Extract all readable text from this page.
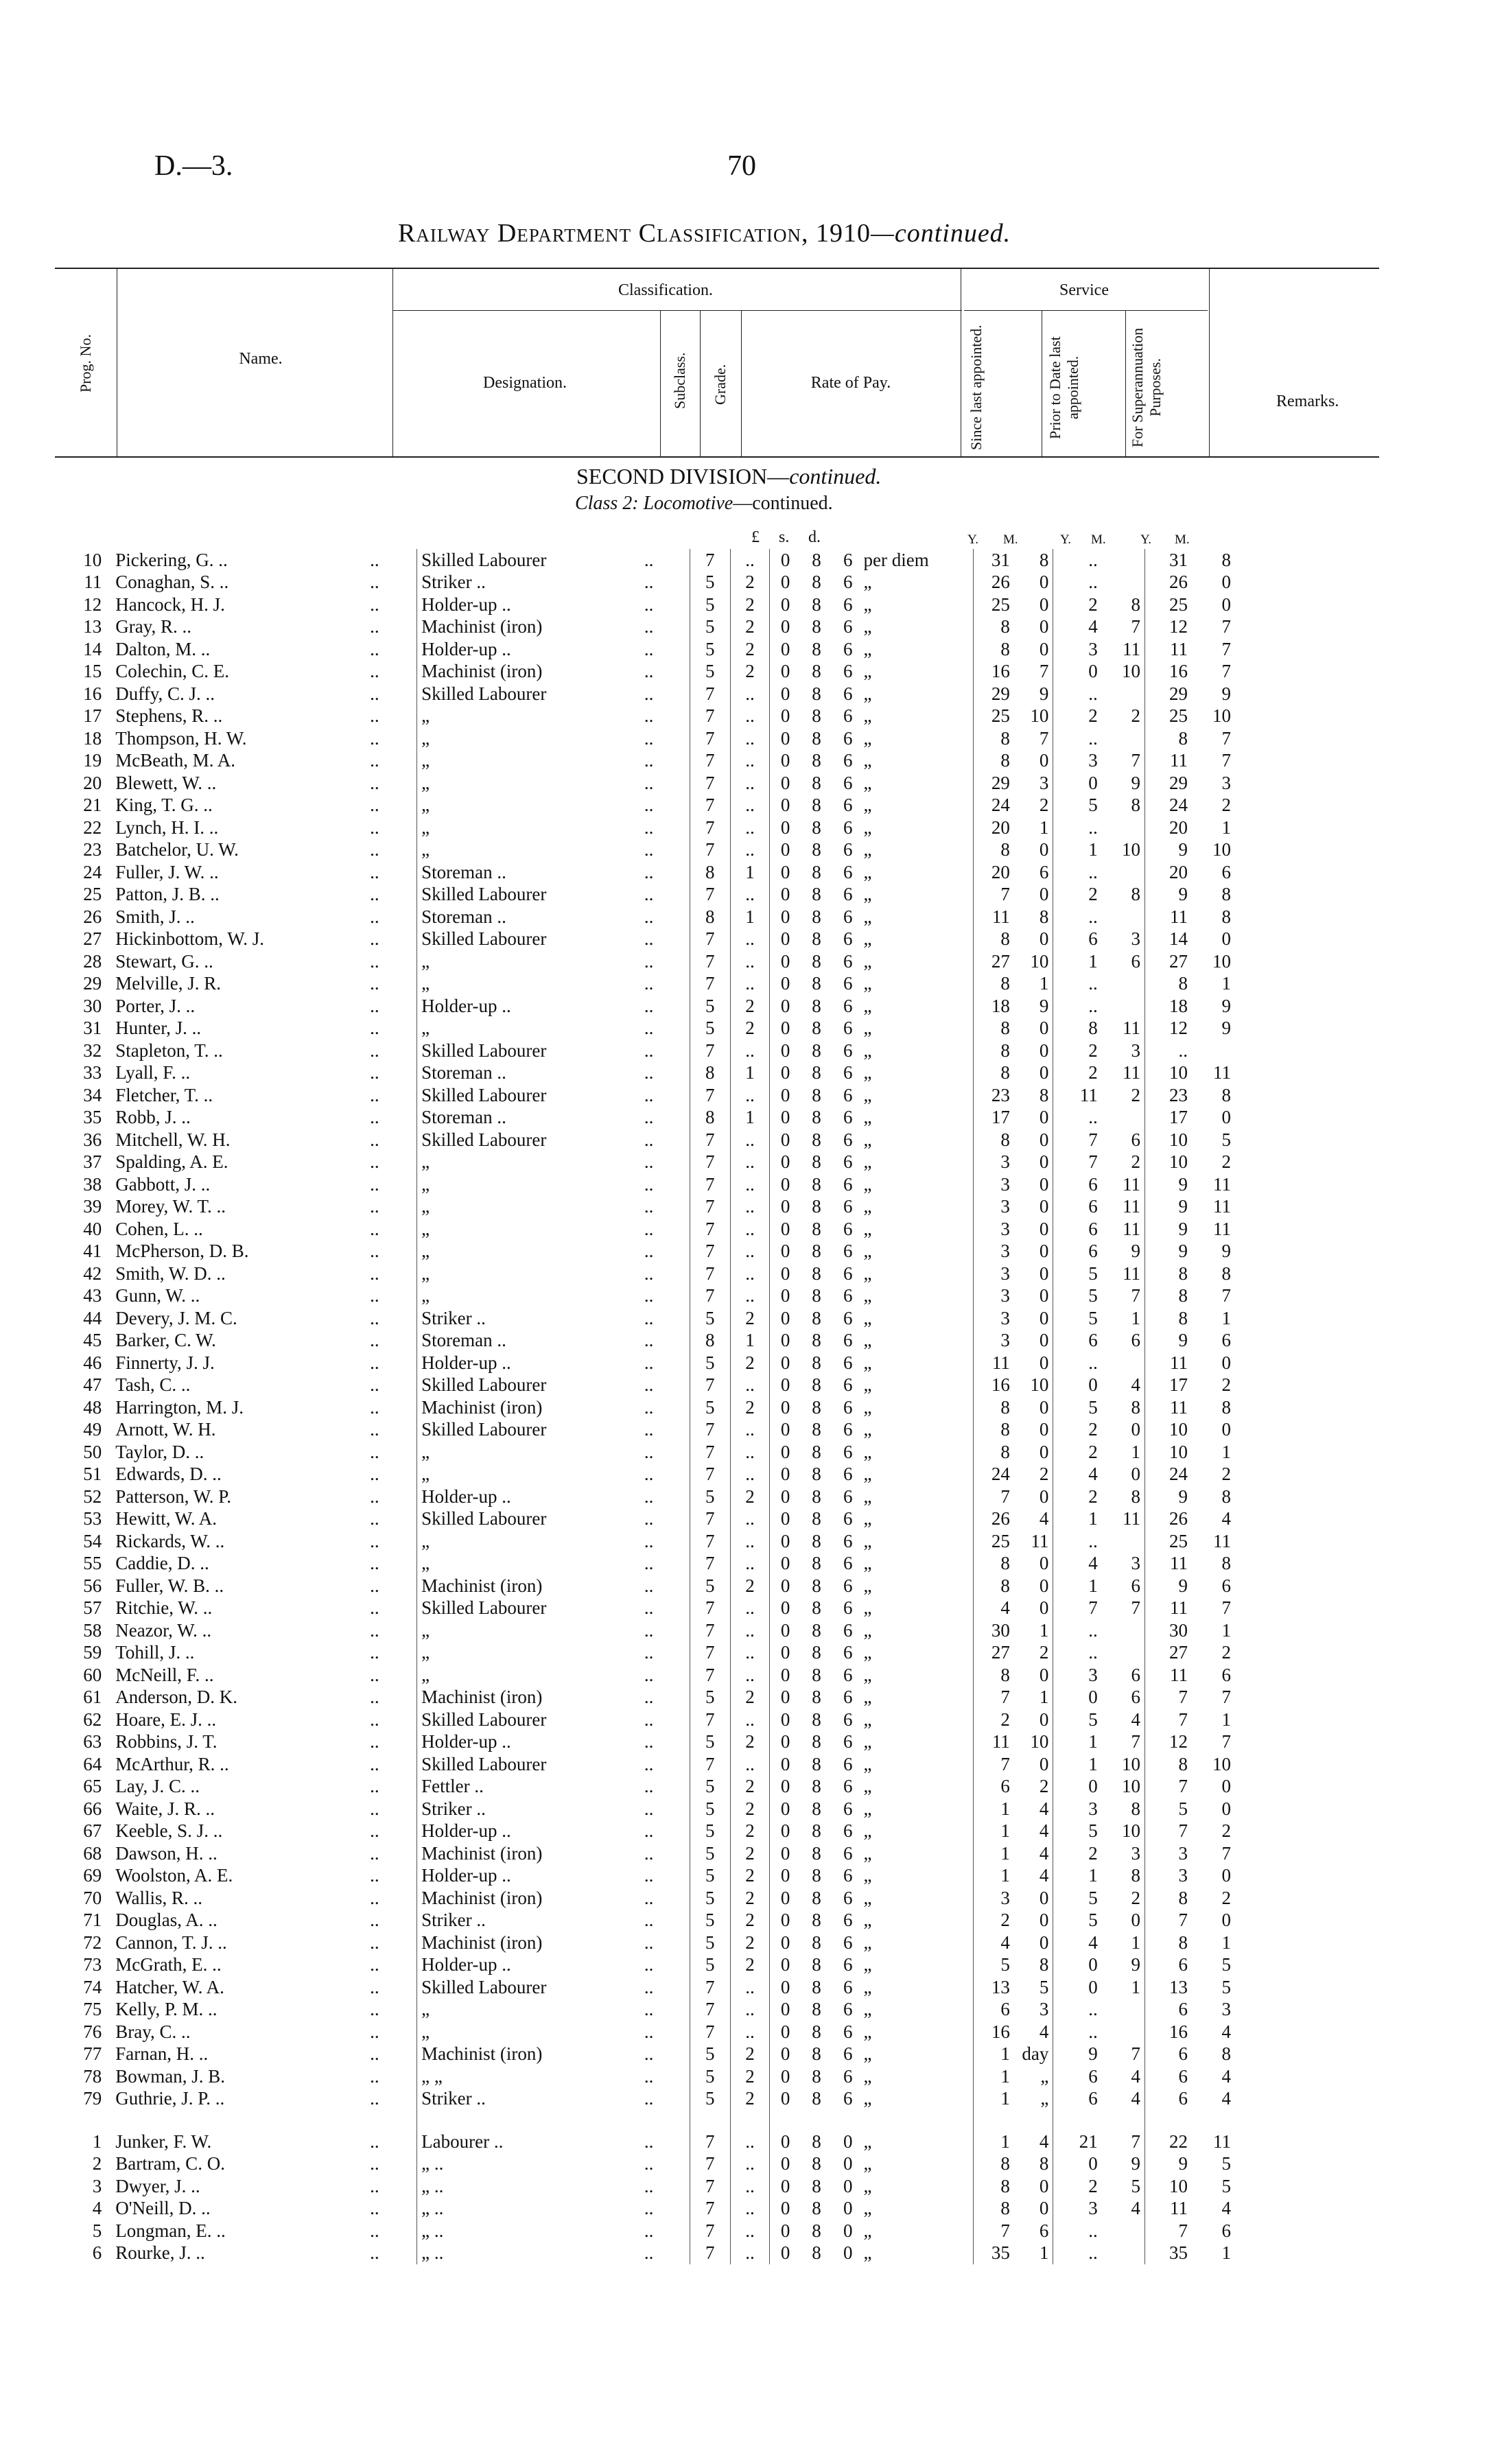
D.—3.	70
Railway Department Classification, 1910—continued.
Prog. No.	Name.
Classification.
Designation.	Subclass. Grade.	Rate of Pay.
Service
Since last appointed.	Prior to Date last appointed.	For Superannuation Purposes.	Remarks.
SECOND DIVISION—continued.
Class 2: Locomotive—continued.
£ s. d.	Y. M.	Y. M.	Y. M.
10	Pickering, G. ..	..	Skilled Labourer	..	7	..	0	8	6	per diem	31	8	..		31	8
11	Conaghan, S. ..	..	Striker ..	..	5	2	0	8	6	„	26	0	..		26	0
12	Hancock, H. J.	..	Holder-up ..	..	5	2	0	8	6	„	25	0	2	8	25	0
13	Gray, R. ..	..	Machinist (iron)	..	5	2	0	8	6	„	8	0	4	7	12	7
14	Dalton, M. ..	..	Holder-up ..	..	5	2	0	8	6	„	8	0	3	11	11	7
15	Colechin, C. E.	..	Machinist (iron)	..	5	2	0	8	6	„	16	7	0	10	16	7
16	Duffy, C. J. ..	..	Skilled Labourer	..	7	..	0	8	6	„	29	9	..		29	9
17	Stephens, R. ..	..	„	..	7	..	0	8	6	„	25	10	2	2	25	10
18	Thompson, H. W.	..	„	..	7	..	0	8	6	„	8	7	..		8	7
19	McBeath, M. A.	..	„	..	7	..	0	8	6	„	8	0	3	7	11	7
20	Blewett, W. ..	..	„	..	7	..	0	8	6	„	29	3	0	9	29	3
21	King, T. G. ..	..	„	..	7	..	0	8	6	„	24	2	5	8	24	2
22	Lynch, H. I. ..	..	„	..	7	..	0	8	6	„	20	1	..		20	1
23	Batchelor, U. W.	..	„	..	7	..	0	8	6	„	8	0	1	10	9	10
24	Fuller, J. W. ..	..	Storeman ..	..	8	1	0	8	6	„	20	6	..		20	6
25	Patton, J. B. ..	..	Skilled Labourer	..	7	..	0	8	6	„	7	0	2	8	9	8
26	Smith, J. ..	..	Storeman ..	..	8	1	0	8	6	„	11	8	..		11	8
27	Hickinbottom, W. J.	..	Skilled Labourer	..	7	..	0	8	6	„	8	0	6	3	14	0
28	Stewart, G. ..	..	„	..	7	..	0	8	6	„	27	10	1	6	27	10
29	Melville, J. R.	..	„	..	7	..	0	8	6	„	8	1	..		8	1
30	Porter, J. ..	..	Holder-up ..	..	5	2	0	8	6	„	18	9	..		18	9
31	Hunter, J. ..	..	„	..	5	2	0	8	6	„	8	0	8	11	12	9
32	Stapleton, T. ..	..	Skilled Labourer	..	7	..	0	8	6	„	8	0	2	3	..	
33	Lyall, F. ..	..	Storeman ..	..	8	1	0	8	6	„	8	0	2	11	10	11
34	Fletcher, T. ..	..	Skilled Labourer	..	7	..	0	8	6	„	23	8	11	2	23	8
35	Robb, J. ..	..	Storeman ..	..	8	1	0	8	6	„	17	0	..		17	0
36	Mitchell, W. H.	..	Skilled Labourer	..	7	..	0	8	6	„	8	0	7	6	10	5
37	Spalding, A. E.	..	„	..	7	..	0	8	6	„	3	0	7	2	10	2
38	Gabbott, J. ..	..	„	..	7	..	0	8	6	„	3	0	6	11	9	11
39	Morey, W. T. ..	..	„	..	7	..	0	8	6	„	3	0	6	11	9	11
40	Cohen, L. ..	..	„	..	7	..	0	8	6	„	3	0	6	11	9	11
41	McPherson, D. B.	..	„	..	7	..	0	8	6	„	3	0	6	9	9	9
42	Smith, W. D. ..	..	„	..	7	..	0	8	6	„	3	0	5	11	8	8
43	Gunn, W. ..	..	„	..	7	..	0	8	6	„	3	0	5	7	8	7
44	Devery, J. M. C.	..	Striker ..	..	5	2	0	8	6	„	3	0	5	1	8	1
45	Barker, C. W.	..	Storeman ..	..	8	1	0	8	6	„	3	0	6	6	9	6
46	Finnerty, J. J.	..	Holder-up ..	..	5	2	0	8	6	„	11	0	..		11	0
47	Tash, C. ..	..	Skilled Labourer	..	7	..	0	8	6	„	16	10	0	4	17	2
48	Harrington, M. J.	..	Machinist (iron)	..	5	2	0	8	6	„	8	0	5	8	11	8
49	Arnott, W. H.	..	Skilled Labourer	..	7	..	0	8	6	„	8	0	2	0	10	0
50	Taylor, D. ..	..	„	..	7	..	0	8	6	„	8	0	2	1	10	1
51	Edwards, D. ..	..	„	..	7	..	0	8	6	„	24	2	4	0	24	2
52	Patterson, W. P.	..	Holder-up ..	..	5	2	0	8	6	„	7	0	2	8	9	8
53	Hewitt, W. A.	..	Skilled Labourer	..	7	..	0	8	6	„	26	4	1	11	26	4
54	Rickards, W. ..	..	„	..	7	..	0	8	6	„	25	11	..		25	11
55	Caddie, D. ..	..	„	..	7	..	0	8	6	„	8	0	4	3	11	8
56	Fuller, W. B. ..	..	Machinist (iron)	..	5	2	0	8	6	„	8	0	1	6	9	6
57	Ritchie, W. ..	..	Skilled Labourer	..	7	..	0	8	6	„	4	0	7	7	11	7
58	Neazor, W. ..	..	„	..	7	..	0	8	6	„	30	1	..		30	1
59	Tohill, J. ..	..	„	..	7	..	0	8	6	„	27	2	..		27	2
60	McNeill, F. ..	..	„	..	7	..	0	8	6	„	8	0	3	6	11	6
61	Anderson, D. K.	..	Machinist (iron)	..	5	2	0	8	6	„	7	1	0	6	7	7
62	Hoare, E. J. ..	..	Skilled Labourer	..	7	..	0	8	6	„	2	0	5	4	7	1
63	Robbins, J. T.	..	Holder-up ..	..	5	2	0	8	6	„	11	10	1	7	12	7
64	McArthur, R. ..	..	Skilled Labourer	..	7	..	0	8	6	„	7	0	1	10	8	10
65	Lay, J. C. ..	..	Fettler ..	..	5	2	0	8	6	„	6	2	0	10	7	0
66	Waite, J. R. ..	..	Striker ..	..	5	2	0	8	6	„	1	4	3	8	5	0
67	Keeble, S. J. ..	..	Holder-up ..	..	5	2	0	8	6	„	1	4	5	10	7	2
68	Dawson, H. ..	..	Machinist (iron)	..	5	2	0	8	6	„	1	4	2	3	3	7
69	Woolston, A. E.	..	Holder-up ..	..	5	2	0	8	6	„	1	4	1	8	3	0
70	Wallis, R. ..	..	Machinist (iron)	..	5	2	0	8	6	„	3	0	5	2	8	2
71	Douglas, A. ..	..	Striker ..	..	5	2	0	8	6	„	2	0	5	0	7	0
72	Cannon, T. J. ..	..	Machinist (iron)	..	5	2	0	8	6	„	4	0	4	1	8	1
73	McGrath, E. ..	..	Holder-up ..	..	5	2	0	8	6	„	5	8	0	9	6	5
74	Hatcher, W. A.	..	Skilled Labourer	..	7	..	0	8	6	„	13	5	0	1	13	5
75	Kelly, P. M. ..	..	„	..	7	..	0	8	6	„	6	3	..		6	3
76	Bray, C. ..	..	„	..	7	..	0	8	6	„	16	4	..		16	4
77	Farnan, H. ..	..	Machinist (iron)	..	5	2	0	8	6	„	1	day	9	7	6	8
78	Bowman, J. B.	..	„ „	..	5	2	0	8	6	„	1	„	6	4	6	4
79	Guthrie, J. P. ..	..	Striker ..	..	5	2	0	8	6	„	1	„	6	4	6	4

1	Junker, F. W.	..	Labourer ..	..	7	..	0	8	0	„	1	4	21	7	22	11
2	Bartram, C. O.	..	„ ..	..	7	..	0	8	0	„	8	8	0	9	9	5
3	Dwyer, J. ..	..	„ ..	..	7	..	0	8	0	„	8	0	2	5	10	5
4	O'Neill, D. ..	..	„ ..	..	7	..	0	8	0	„	8	0	3	4	11	4
5	Longman, E. ..	..	„ ..	..	7	..	0	8	0	„	7	6	..		7	6
6	Rourke, J. ..	..	„ ..	..	7	..	0	8	0	„	35	1	..		35	1
